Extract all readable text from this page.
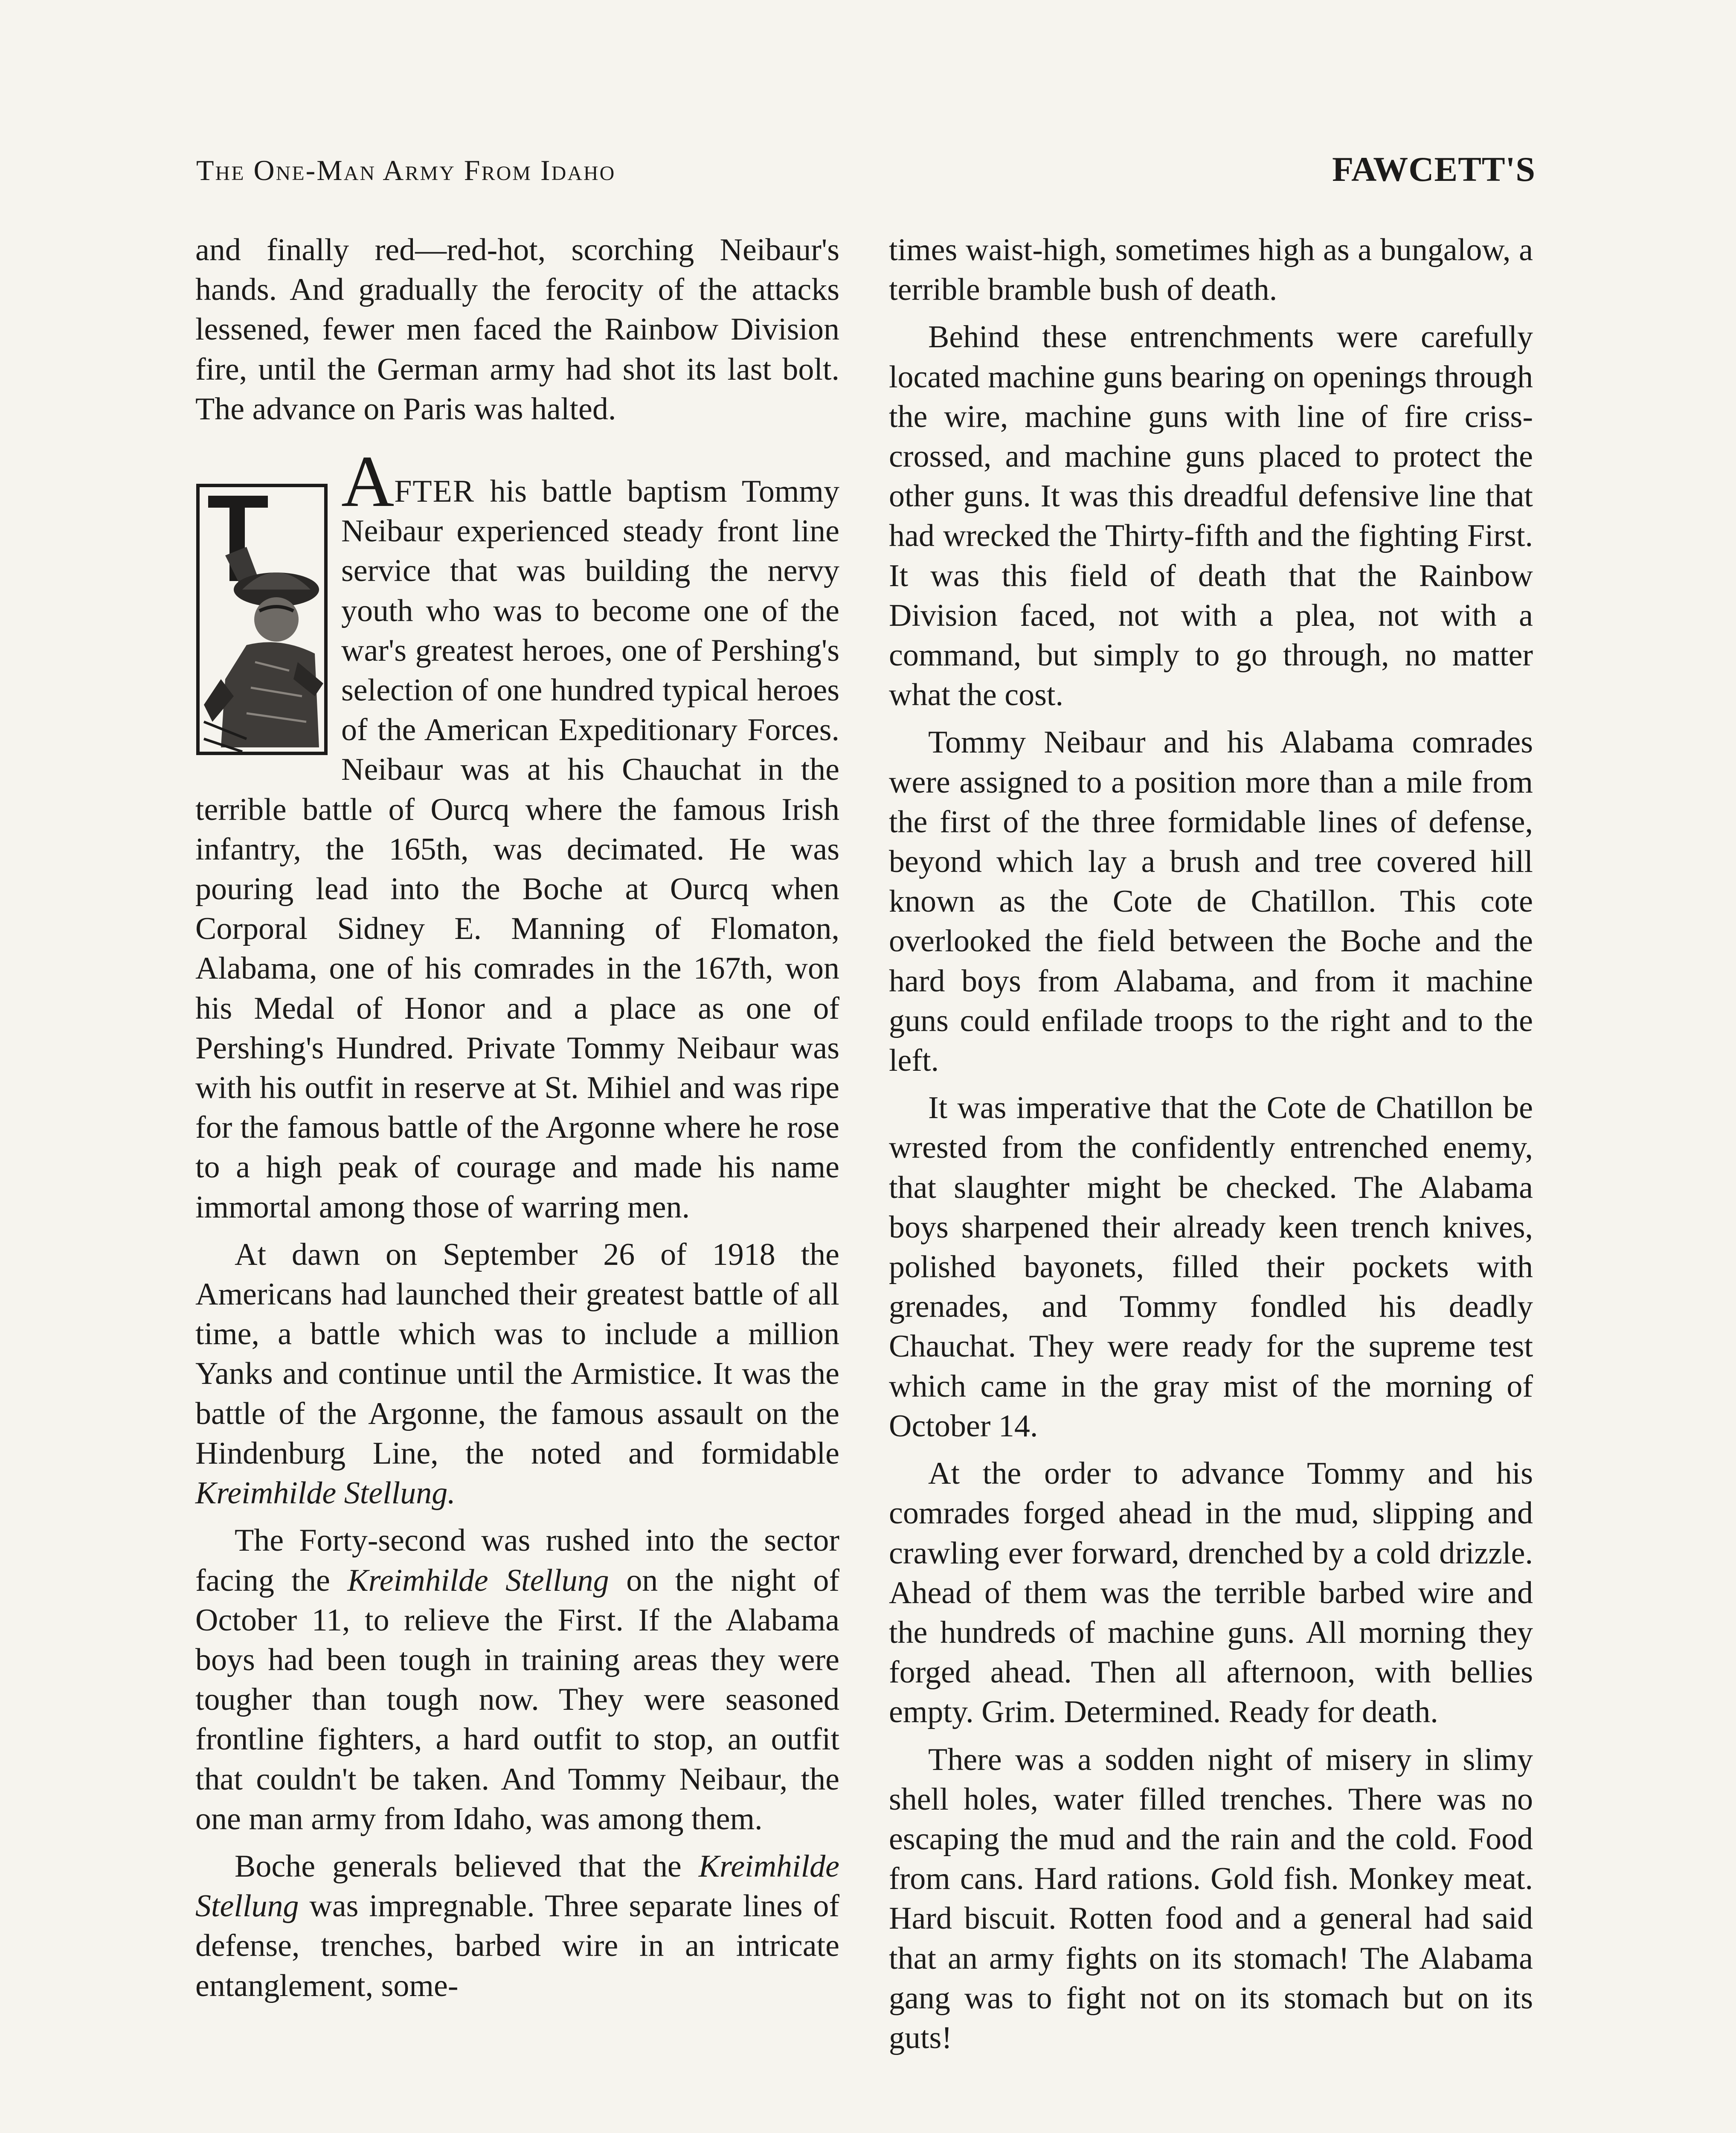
The One-Man Army From Idaho	FAWCETT'S

and finally red—red-hot, scorching Neibaur's hands. And gradually the ferocity of the attacks lessened, fewer men faced the Rainbow Division fire, until the German army had shot its last bolt. The advance on Paris was halted.

AFTER his battle baptism Tommy Neibaur experienced steady front line service that was building the nervy youth who was to become one of the war's greatest heroes, one of Pershing's selection of one hundred typical heroes of the American Expeditionary Forces. Neibaur was at his Chauchat in the terrible battle of Ourcq where the famous Irish infantry, the 165th, was decimated. He was pouring lead into the Boche at Ourcq when Corporal Sidney E. Manning of Flomaton, Alabama, one of his comrades in the 167th, won his Medal of Honor and a place as one of Pershing's Hundred. Private Tommy Neibaur was with his outfit in reserve at St. Mihiel and was ripe for the famous battle of the Argonne where he rose to a high peak of courage and made his name immortal among those of warring men.

At dawn on September 26 of 1918 the Americans had launched their greatest battle of all time, a battle which was to include a million Yanks and continue until the Armistice. It was the battle of the Argonne, the famous assault on the Hindenburg Line, the noted and formidable Kreimhilde Stellung.

The Forty-second was rushed into the sector facing the Kreimhilde Stellung on the night of October 11, to relieve the First. If the Alabama boys had been tough in training areas they were tougher than tough now. They were seasoned frontline fighters, a hard outfit to stop, an outfit that couldn't be taken. And Tommy Neibaur, the one man army from Idaho, was among them.

Boche generals believed that the Kreimhilde Stellung was impregnable. Three separate lines of defense, trenches, barbed wire in an intricate entanglement, some-

times waist-high, sometimes high as a bungalow, a terrible bramble bush of death.

Behind these entrenchments were carefully located machine guns bearing on openings through the wire, machine guns with line of fire criss-crossed, and machine guns placed to protect the other guns. It was this dreadful defensive line that had wrecked the Thirty-fifth and the fighting First. It was this field of death that the Rainbow Division faced, not with a plea, not with a command, but simply to go through, no matter what the cost.

Tommy Neibaur and his Alabama comrades were assigned to a position more than a mile from the first of the three formidable lines of defense, beyond which lay a brush and tree covered hill known as the Cote de Chatillon. This cote overlooked the field between the Boche and the hard boys from Alabama, and from it machine guns could enfilade troops to the right and to the left.

It was imperative that the Cote de Chatillon be wrested from the confidently entrenched enemy, that slaughter might be checked. The Alabama boys sharpened their already keen trench knives, polished bayonets, filled their pockets with grenades, and Tommy fondled his deadly Chauchat. They were ready for the supreme test which came in the gray mist of the morning of October 14.

At the order to advance Tommy and his comrades forged ahead in the mud, slipping and crawling ever forward, drenched by a cold drizzle. Ahead of them was the terrible barbed wire and the hundreds of machine guns. All morning they forged ahead. Then all afternoon, with bellies empty. Grim. Determined. Ready for death.

There was a sodden night of misery in slimy shell holes, water filled trenches. There was no escaping the mud and the rain and the cold. Food from cans. Hard rations. Gold fish. Monkey meat. Hard biscuit. Rotten food and a general had said that an army fights on its stomach! The Alabama gang was to fight not on its stomach but on its guts!
